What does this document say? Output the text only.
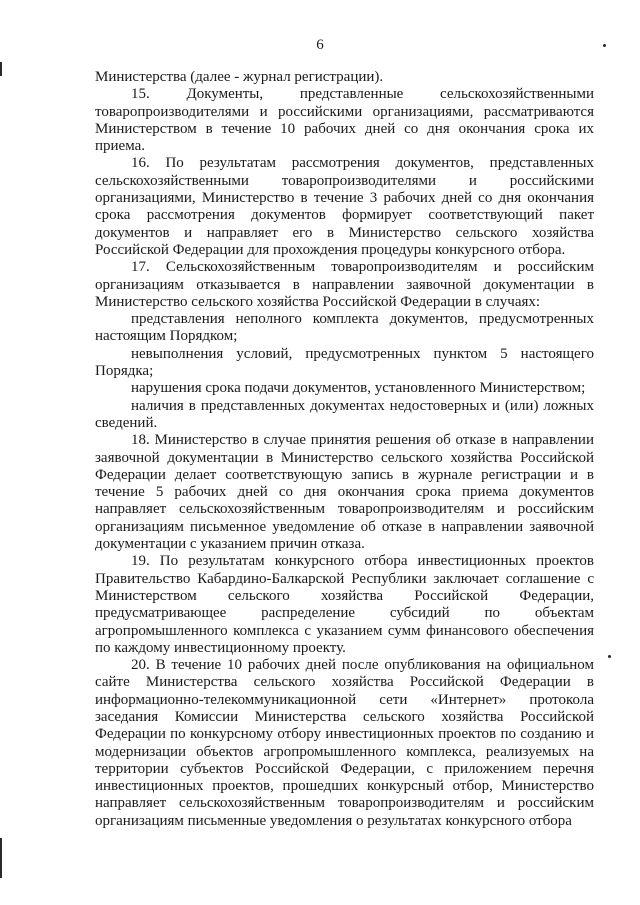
6

Министерства (далее - журнал регистрации).

15. Документы, представленные сельскохозяйственными товаропроизводителями и российскими организациями, рассматриваются Министерством в течение 10 рабочих дней со дня окончания срока их приема.

16. По результатам рассмотрения документов, представленных сельскохозяйственными товаропроизводителями и российскими организациями, Министерство в течение 3 рабочих дней со дня окончания срока рассмотрения документов формирует соответствующий пакет документов и направляет его в Министерство сельского хозяйства Российской Федерации для прохождения процедуры конкурсного отбора.

17. Сельскохозяйственным товаропроизводителям и российским организациям отказывается в направлении заявочной документации в Министерство сельского хозяйства Российской Федерации в случаях:

представления неполного комплекта документов, предусмотренных настоящим Порядком;

невыполнения условий, предусмотренных пунктом 5 настоящего Порядка;

нарушения срока подачи документов, установленного Министерством;

наличия в представленных документах недостоверных и (или) ложных сведений.

18. Министерство в случае принятия решения об отказе в направлении заявочной документации в Министерство сельского хозяйства Российской Федерации делает соответствующую запись в журнале регистрации и в течение 5 рабочих дней со дня окончания срока приема документов направляет сельскохозяйственным товаропроизводителям и российским организациям письменное уведомление об отказе в направлении заявочной документации с указанием причин отказа.

19. По результатам конкурсного отбора инвестиционных проектов Правительство Кабардино-Балкарской Республики заключает соглашение с Министерством сельского хозяйства Российской Федерации, предусматривающее распределение субсидий по объектам агропромышленного комплекса с указанием сумм финансового обеспечения по каждому инвестиционному проекту.

20. В течение 10 рабочих дней после опубликования на официальном сайте Министерства сельского хозяйства Российской Федерации в информационно-телекоммуникационной сети «Интернет» протокола заседания Комиссии Министерства сельского хозяйства Российской Федерации по конкурсному отбору инвестиционных проектов по созданию и модернизации объектов агропромышленного комплекса, реализуемых на территории субъектов Российской Федерации, с приложением перечня инвестиционных проектов, прошедших конкурсный отбор, Министерство направляет сельскохозяйственным товаропроизводителям и российским организациям письменные уведомления о результатах конкурсного отбора
